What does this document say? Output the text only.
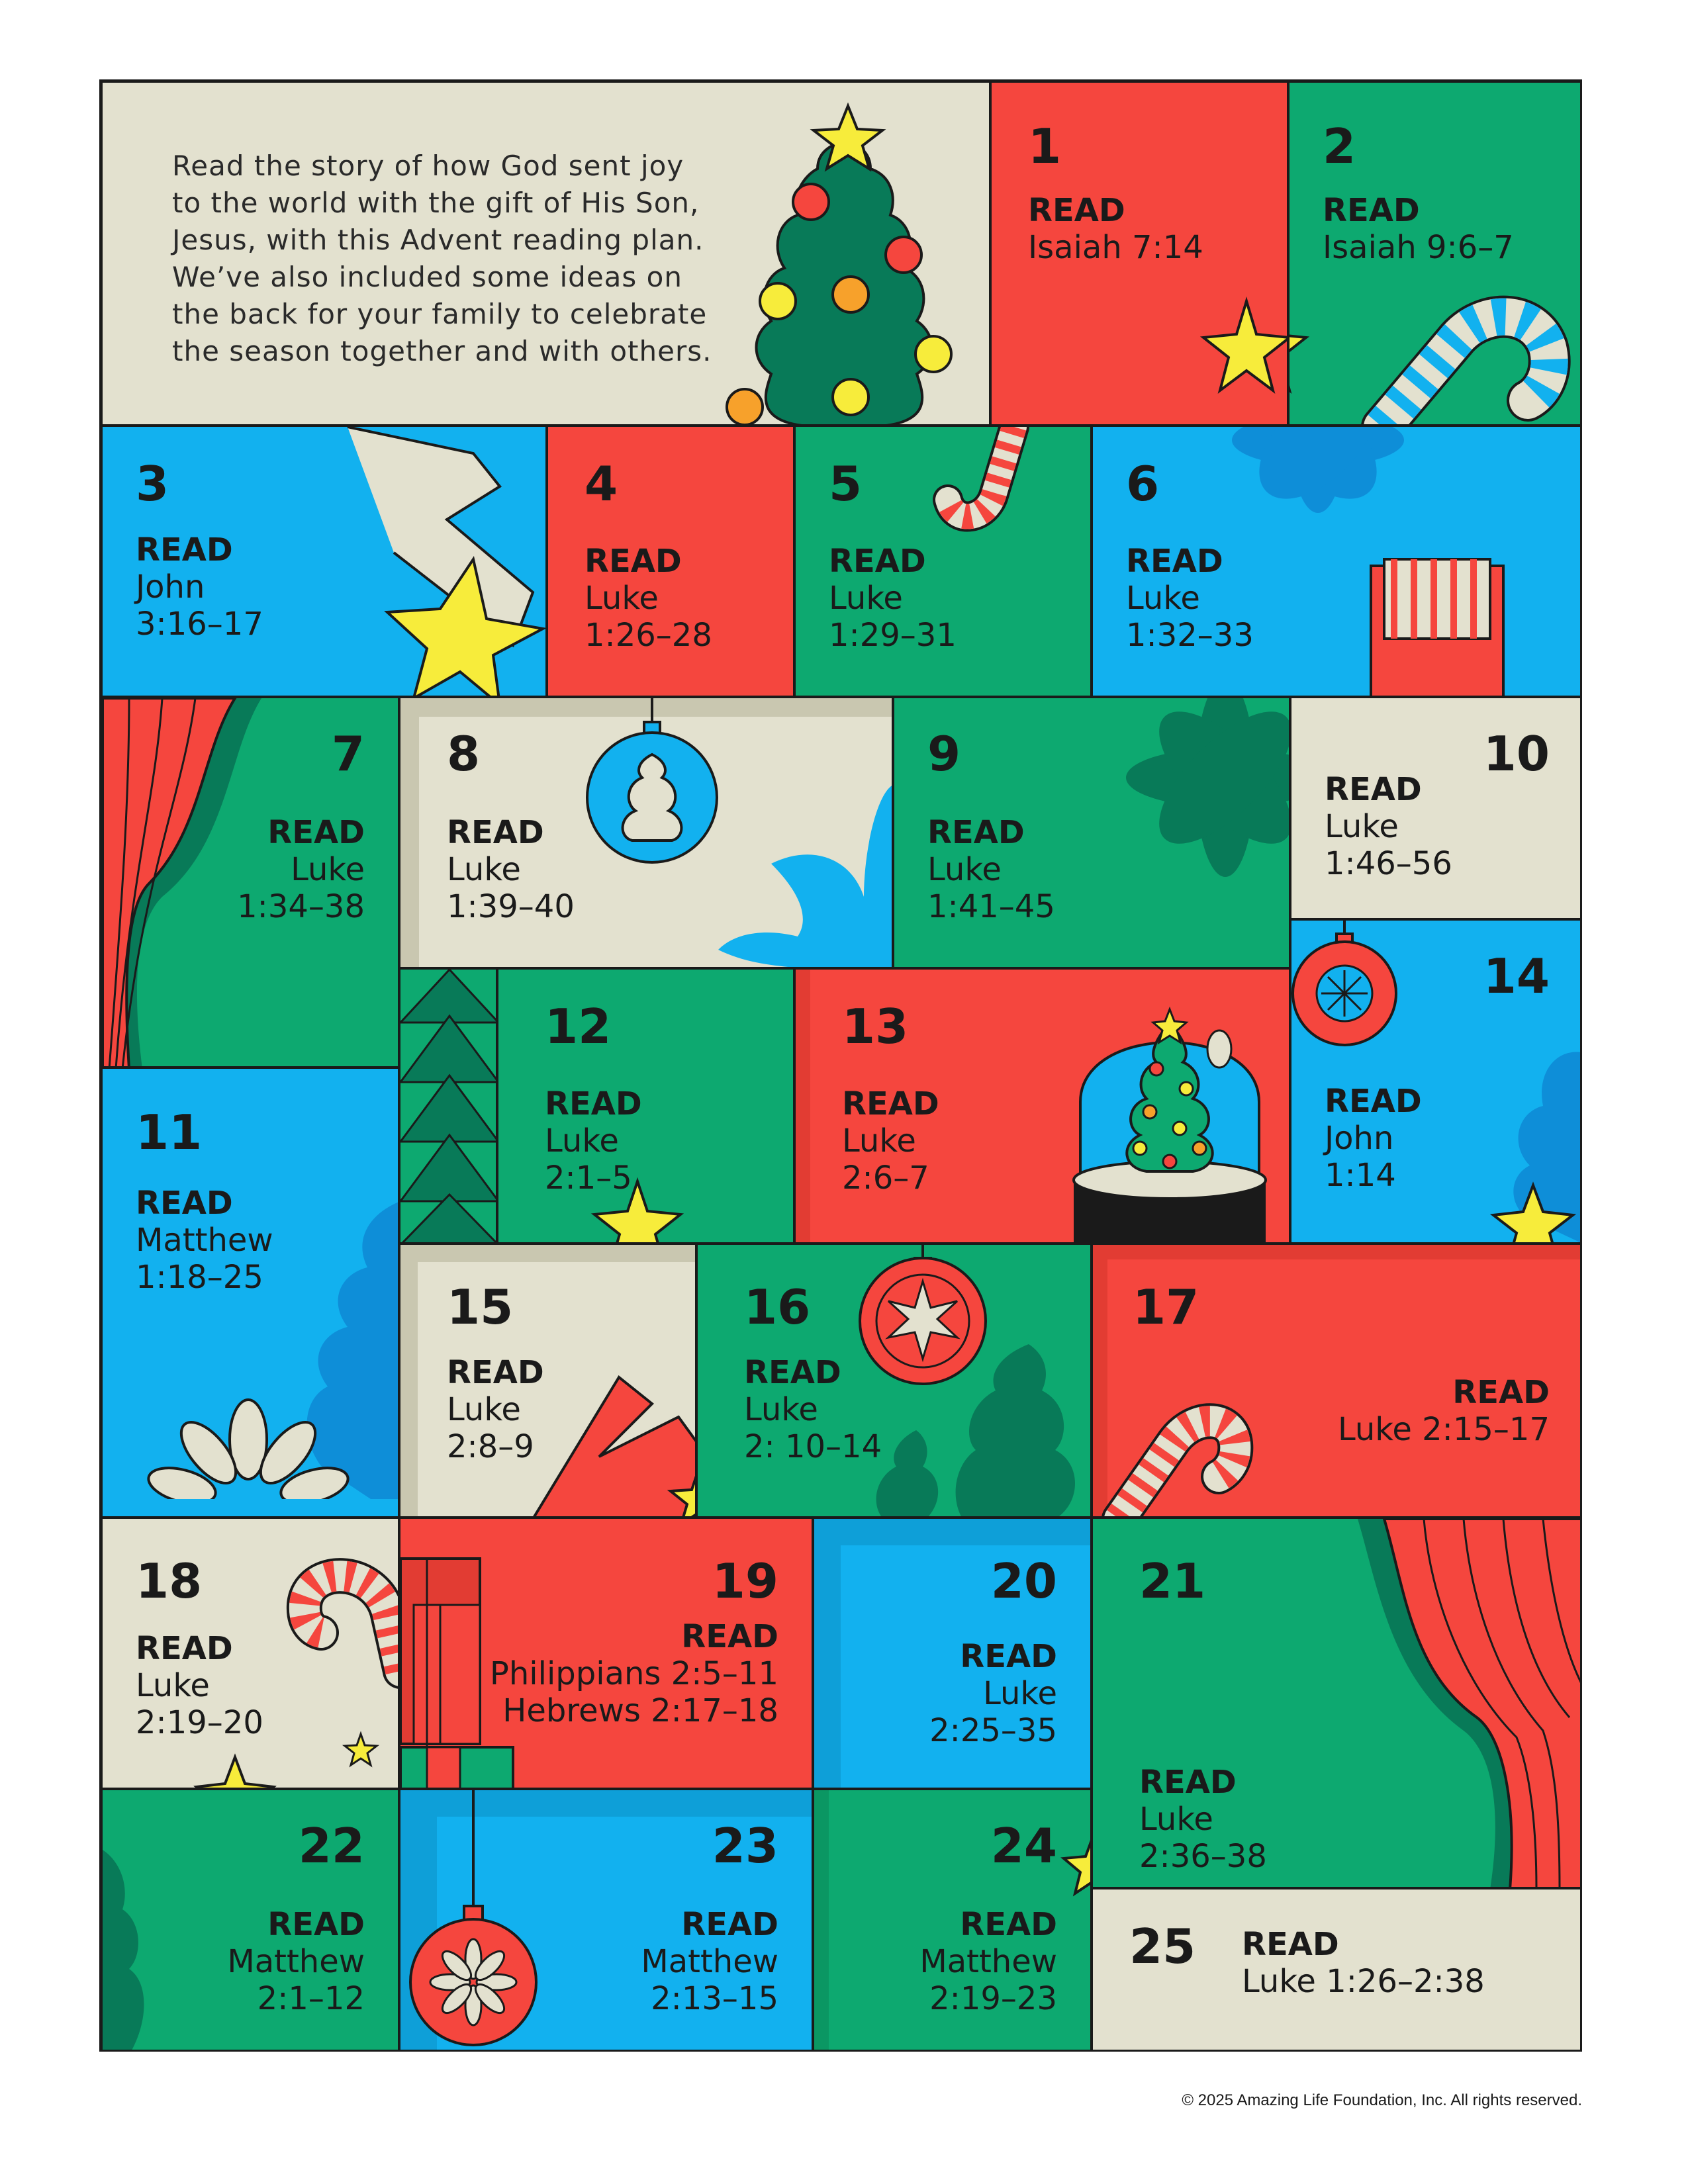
Read the story of how God sent joy
to the world with the gift of His Son,
Jesus, with this Advent reading plan.
We’ve also included some ideas on
the back for your family to celebrate
the season together and with others.
1
READ
Isaiah 7:14
2
READ
Isaiah 9:6–7
3
READ
John
3:16–17
4
READ
Luke
1:26–28
5
READ
Luke
1:29–31
6
READ
Luke
1:32–33
7
READ
Luke
1:34–38
8
READ
Luke
1:39–40
9
READ
Luke
1:41–45
10
READ
Luke
1:46–56
11
READ
Matthew
1:18–25
12
READ
Luke
2:1–5
13
READ
Luke
2:6–7
14
READ
John
1:14
15
READ
Luke
2:8–9
16
READ
Luke
2: 10–14
17
READ
Luke 2:15–17
18
READ
Luke
2:19–20
19
READ
Philippians 2:5–11
Hebrews 2:17–18
20
READ
Luke
2:25–35
21
READ
Luke
2:36–38
22
READ
Matthew
2:1–12
23
READ
Matthew
2:13–15
24
READ
Matthew
2:19–23
25 READ
Luke 1:26–2:38
© 2025 Amazing Life Foundation, Inc. All rights reserved.
